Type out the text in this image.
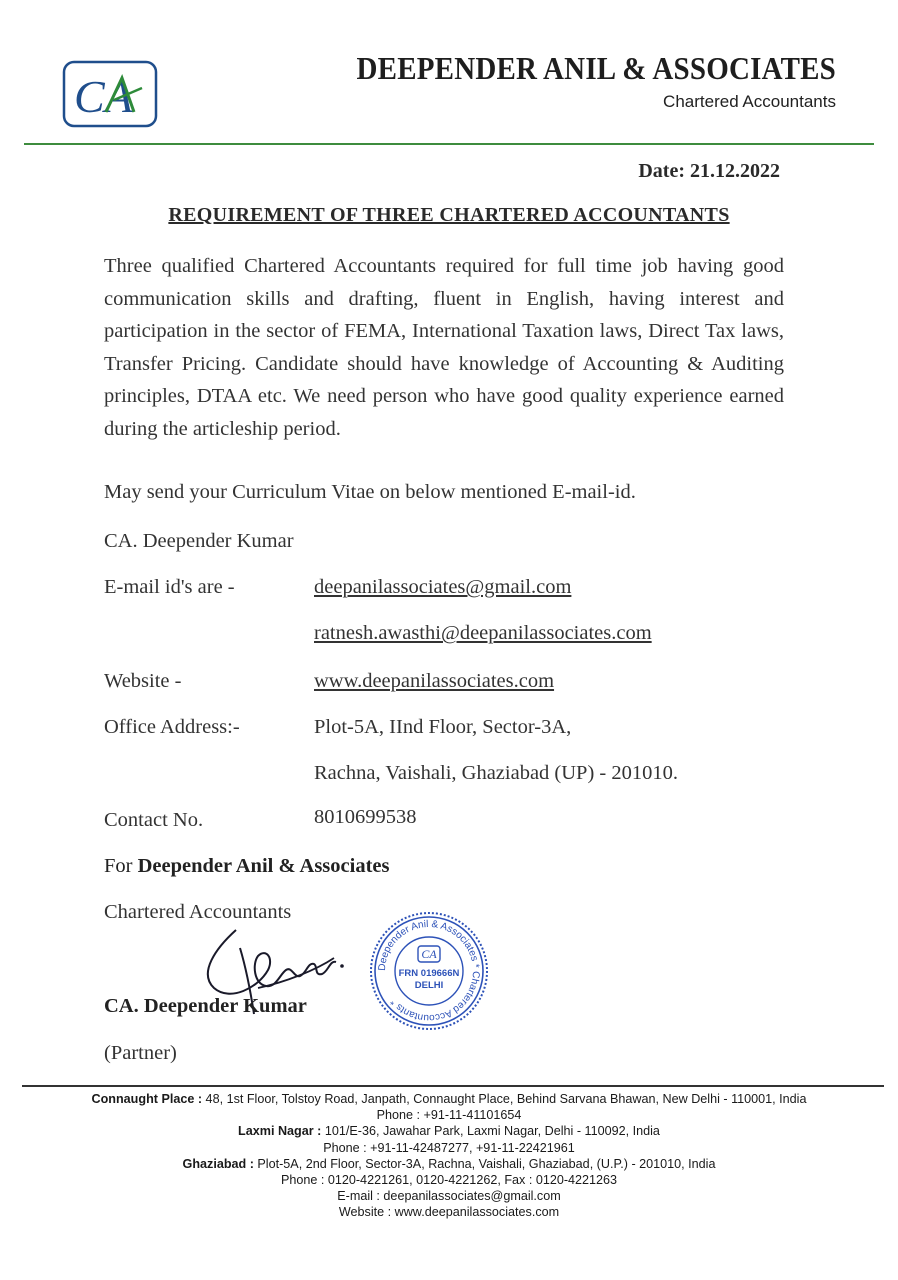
CA
DEEPENDER ANIL & ASSOCIATES
Chartered Accountants
Date: 21.12.2022
REQUIREMENT OF THREE CHARTERED ACCOUNTANTS
Three qualified Chartered Accountants required for full time job having good communication skills and drafting, fluent in English, having interest and participation in the sector of FEMA, International Taxation laws, Direct Tax laws, Transfer Pricing. Candidate should have knowledge of Accounting & Auditing principles, DTAA etc. We need person who have good quality experience earned during the articleship period.
May send your Curriculum Vitae on below mentioned E-mail-id.
CA. Deepender Kumar
E-mail id's are -	deepanilassociates@gmail.com
ratnesh.awasthi@deepanilassociates.com
Website -	www.deepanilassociates.com
Office Address:-	Plot-5A, IInd Floor, Sector-3A,
Rachna, Vaishali, Ghaziabad (UP) - 201010.
Contact No.	8010699538
For Deepender Anil & Associates
Chartered Accountants
CA. Deepender Kumar
(Partner)
Deepender Anil & Associates * Chartered Accountants *
CA
FRN 019666N
DELHI
Connaught Place : 48, 1st Floor, Tolstoy Road, Janpath, Connaught Place, Behind Sarvana Bhawan, New Delhi - 110001, India
Phone : +91-11-41101654
Laxmi Nagar : 101/E-36, Jawahar Park, Laxmi Nagar, Delhi - 110092, India
Phone : +91-11-42487277, +91-11-22421961
Ghaziabad : Plot-5A, 2nd Floor, Sector-3A, Rachna, Vaishali, Ghaziabad, (U.P.) - 201010, India
Phone : 0120-4221261, 0120-4221262, Fax : 0120-4221263
E-mail : deepanilassociates@gmail.com
Website : www.deepanilassociates.com
